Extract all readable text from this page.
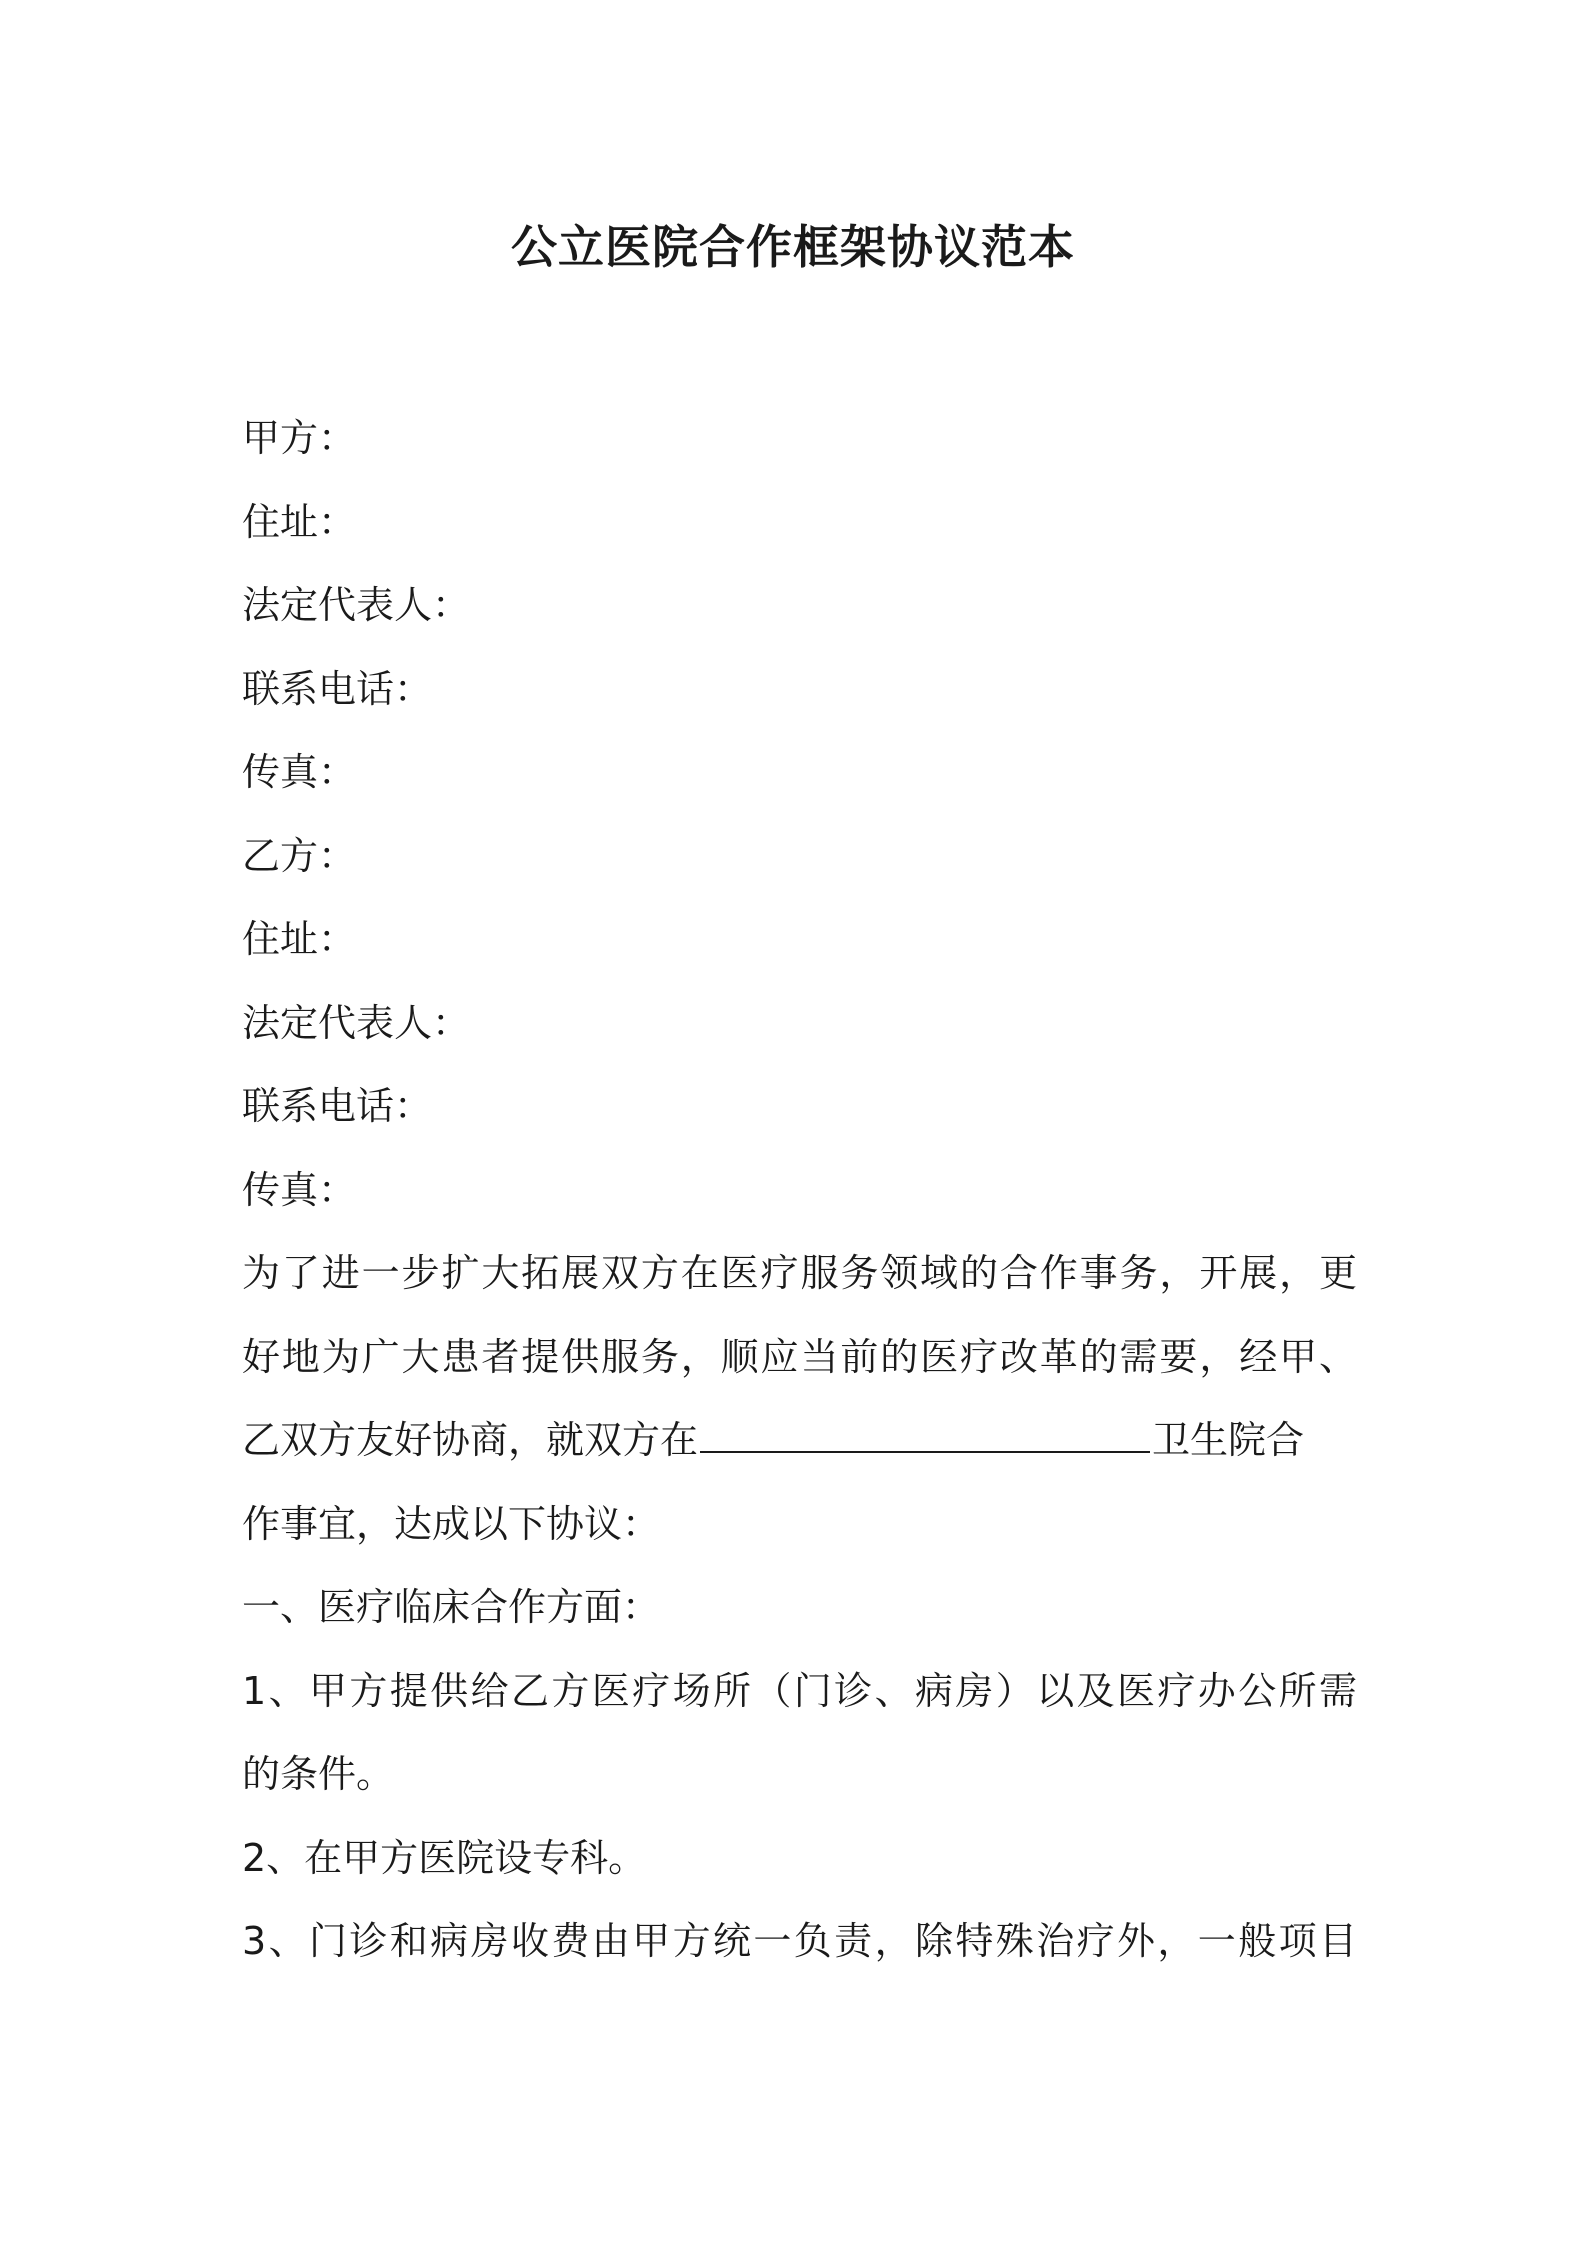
公立医院合作框架协议范本
甲方：
住址：
法定代表人：
联系电话：
传真：
乙方：
住址：
法定代表人：
联系电话：
传真：
为了进一步扩大拓展双方在医疗服务领域的合作事务，开展，更
好地为广大患者提供服务，顺应当前的医疗改革的需要，经甲、
乙双方友好协商，就双方在	卫生院合
作事宜，达成以下协议：
一、医疗临床合作方面：
1、甲方提供给乙方医疗场所（门诊、病房）以及医疗办公所需
的条件。
2、在甲方医院设专科。
3、门诊和病房收费由甲方统一负责，除特殊治疗外，一般项目
